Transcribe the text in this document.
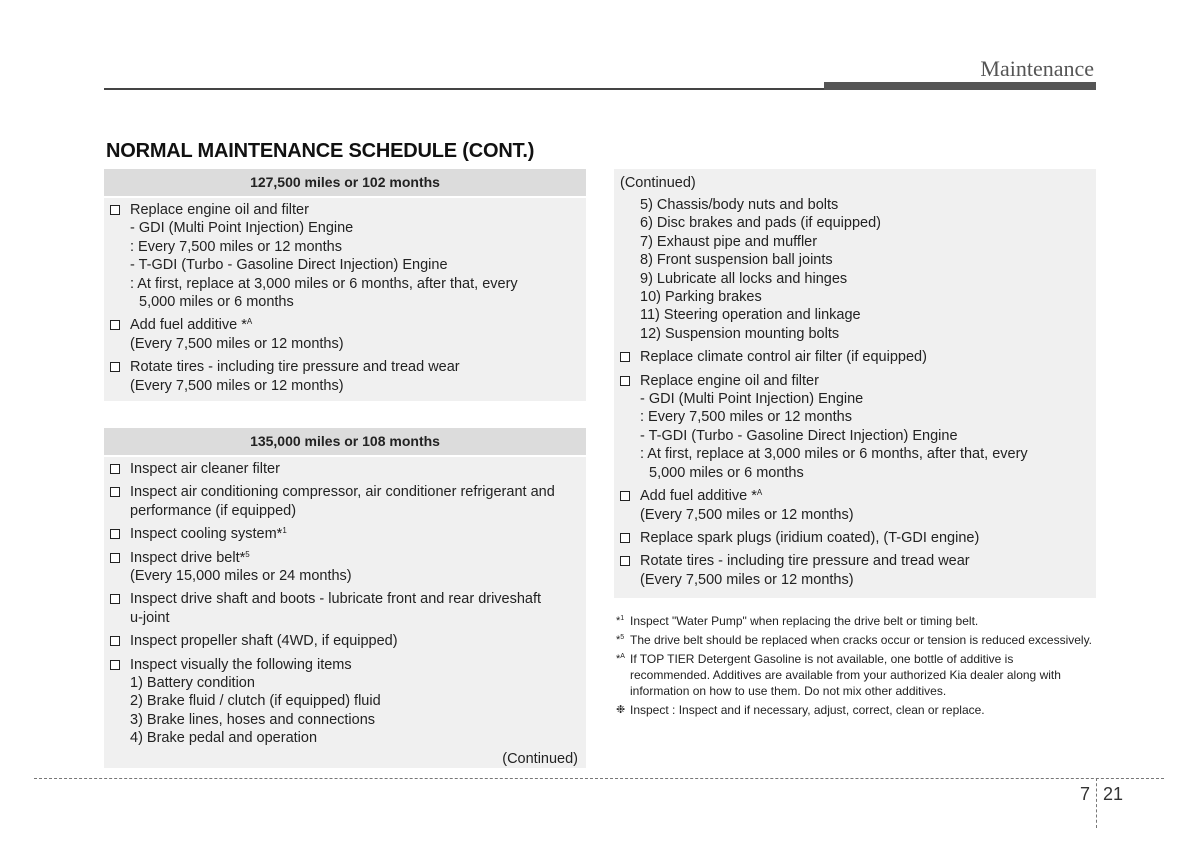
Maintenance
NORMAL MAINTENANCE SCHEDULE (CONT.)
127,500 miles or 102 months
Replace engine oil and filter
- GDI (Multi Point Injection) Engine
: Every 7,500 miles or 12 months
- T-GDI (Turbo - Gasoline Direct Injection) Engine
: At first, replace at 3,000 miles or 6 months, after that, every
5,000 miles or 6 months
Add fuel additive *$^A$
(Every 7,500 miles or 12 months)
Rotate tires - including tire pressure and tread wear
(Every 7,500 miles or 12 months)
135,000 miles or 108 months
Inspect air cleaner filter
Inspect air conditioning compressor, air conditioner refrigerant and
performance (if equipped)
Inspect cooling system*$^1$
Inspect drive belt*$^5$
(Every 15,000 miles or 24 months)
Inspect drive shaft and boots - lubricate front and rear driveshaft
u-joint
Inspect propeller shaft (4WD, if equipped)
Inspect visually the following items
1) Battery condition
2) Brake fluid / clutch (if equipped) fluid
3) Brake lines, hoses and connections
4) Brake pedal and operation
(Continued)
(Continued)
5) Chassis/body nuts and bolts
6) Disc brakes and pads (if equipped)
7) Exhaust pipe and muffler
8) Front suspension ball joints
9) Lubricate all locks and hinges
10) Parking brakes
11) Steering operation and linkage
12) Suspension mounting bolts
Replace climate control air filter (if equipped)
Replace engine oil and filter
- GDI (Multi Point Injection) Engine
: Every 7,500 miles or 12 months
- T-GDI (Turbo - Gasoline Direct Injection) Engine
: At first, replace at 3,000 miles or 6 months, after that, every
5,000 miles or 6 months
Add fuel additive *$^A$
(Every 7,500 miles or 12 months)
Replace spark plugs (iridium coated), (T-GDI engine)
Rotate tires - including tire pressure and tread wear
(Every 7,500 miles or 12 months)
*$^1$ Inspect "Water Pump" when replacing the drive belt or timing belt.
*$^5$ The drive belt should be replaced when cracks occur or tension is reduced excessively.
*$^A$ If TOP TIER Detergent Gasoline is not available, one bottle of additive is recommended. Additives are available from your authorized Kia dealer along with information on how to use them. Do not mix other additives.
❉ Inspect : Inspect and if necessary, adjust, correct, clean or replace.
7 21
